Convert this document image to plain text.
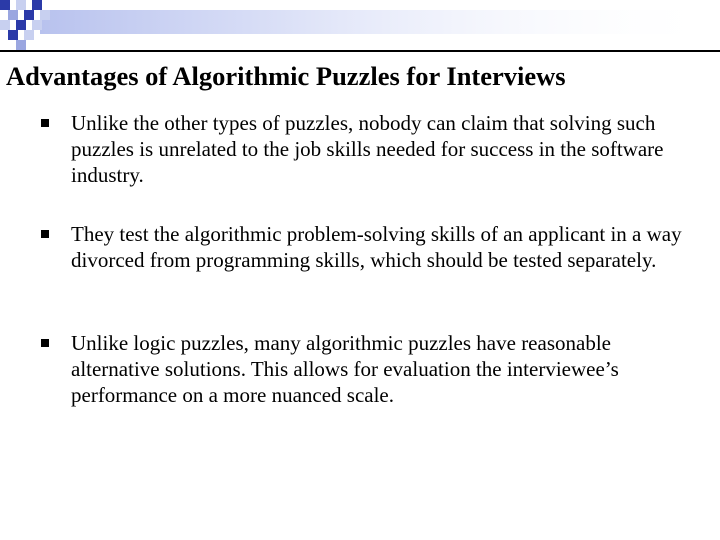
Advantages of Algorithmic Puzzles for Interviews

Unlike the other types of puzzles, nobody can claim that solving such puzzles is unrelated to the job skills needed for success in the software industry.

They test the algorithmic problem-solving skills of an applicant in a way divorced from programming skills, which should be tested separately.

Unlike logic puzzles, many algorithmic puzzles have reasonable alternative solutions. This allows for evaluation the interviewee’s performance on a more nuanced scale.
